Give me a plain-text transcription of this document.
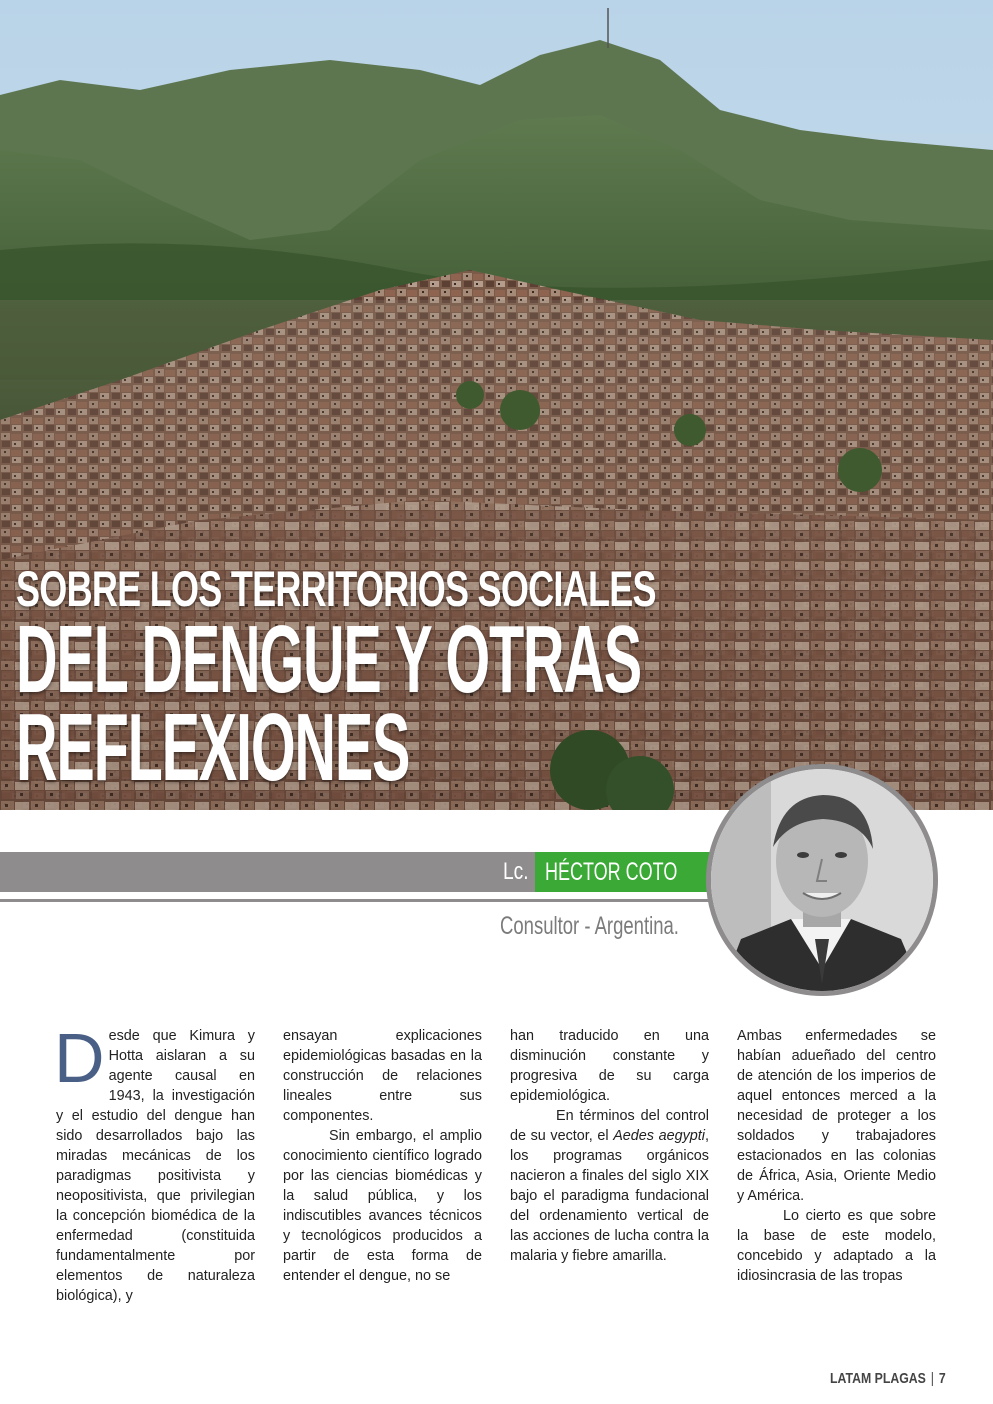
SOBRE LOS TERRITORIOS SOCIALES
DEL DENGUE Y OTRAS
REFLEXIONES
Lc. HÉCTOR COTO
Consultor - Argentina.

D esde que Kimura y Hotta aislaran a su agente causal en 1943, la investigación y el estudio del dengue han sido desarrollados bajo las miradas mecánicas de los paradigmas positivista y neopositivista, que privilegian la concepción biomédica de la enfermedad (constituida fundamentalmente por elementos de naturaleza biológica), y

ensayan explicaciones epidemiológicas basadas en la construcción de relaciones lineales entre sus componentes.

Sin embargo, el amplio conocimiento científico logrado por las ciencias biomédicas y la salud pública, y los indiscutibles avances técnicos y tecnológicos producidos a partir de esta forma de entender el dengue, no se

han traducido en una disminución constante y progresiva de su carga epidemiológica.

En términos del control de su vector, el Aedes aegypti, los programas orgánicos nacieron a finales del siglo XIX bajo el paradigma fundacional del ordenamiento vertical de las acciones de lucha contra la malaria y fiebre amarilla.

Ambas enfermedades se habían adueñado del centro de atención de los imperios de aquel entonces merced a la necesidad de proteger a los soldados y trabajadores estacionados en las colonias de África, Asia, Oriente Medio y América.

Lo cierto es que sobre la base de este modelo, concebido y adaptado a la idiosincrasia de las tropas

LATAM PLAGAS | 7
